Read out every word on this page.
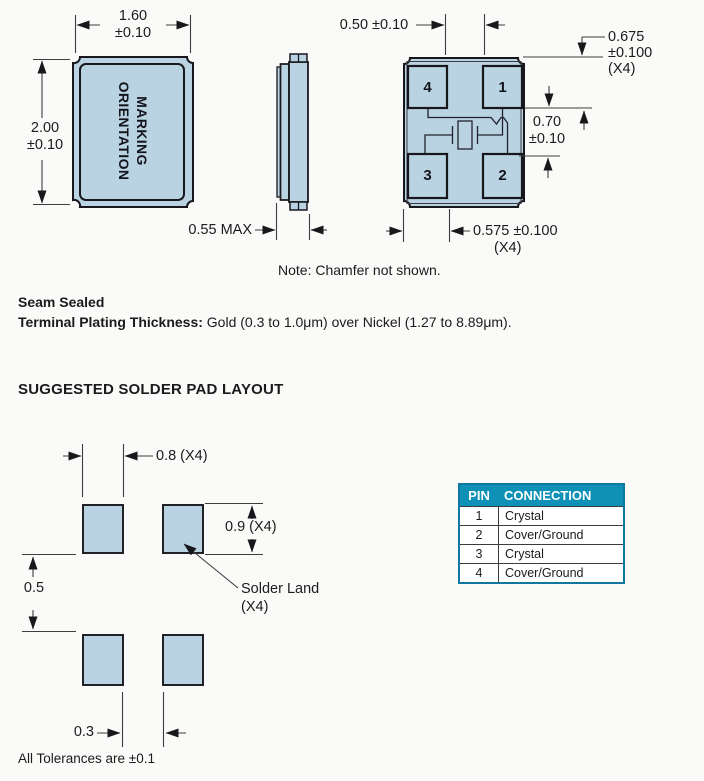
1.60
±0.10
2.00
±0.10	MARKING
ORIENTATION
0.55 MAX
0.50 ±0.10
0.675
±0.100
(X4)
0.70
±0.10
0.575 ±0.100
(X4)
Note: Chamfer not shown.
4	1
3	2
Seam Sealed
Terminal Plating Thickness: Gold (0.3 to 1.0μm) over Nickel (1.27 to 8.89μm).
SUGGESTED SOLDER PAD LAYOUT
0.8 (X4)
0.9 (X4)
0.5
0.3
Solder Land
(X4)
All Tolerances are ±0.1
PIN	CONNECTION
1	Crystal
2	Cover/Ground
3	Crystal
4	Cover/Ground
